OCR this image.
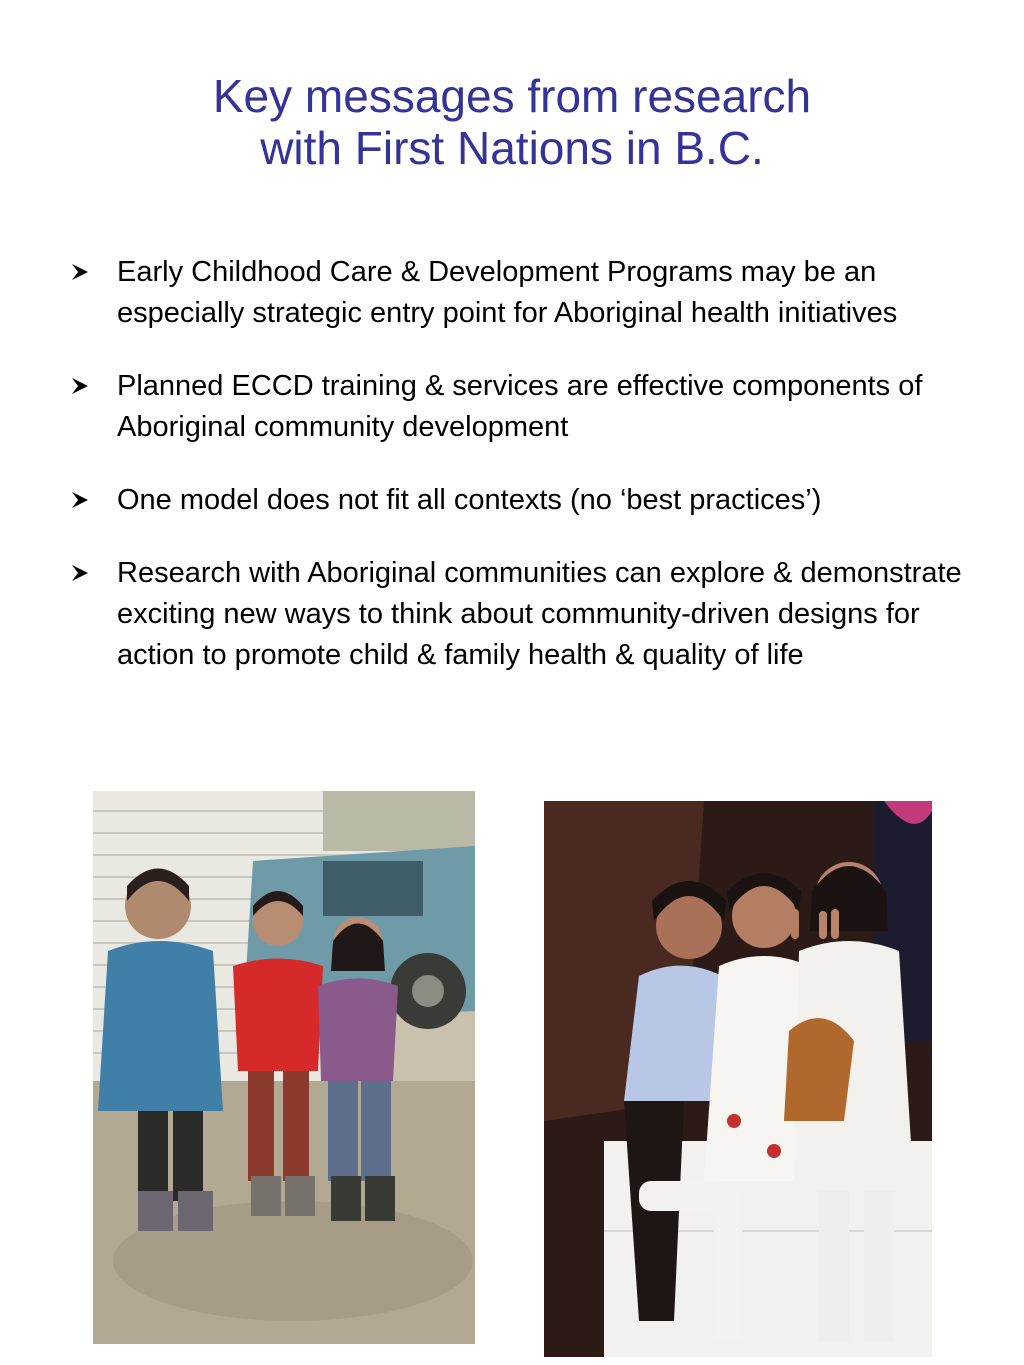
Key messages from research
with First Nations in B.C.
Early Childhood Care & Development Programs may be an especially strategic entry point for Aboriginal health initiatives
Planned ECCD training & services are effective components of Aboriginal community development
One model does not fit all contexts (no ‘best practices’)
Research with Aboriginal communities can explore & demonstrate exciting new ways to think about community-driven designs for action to promote child & family health & quality of life
